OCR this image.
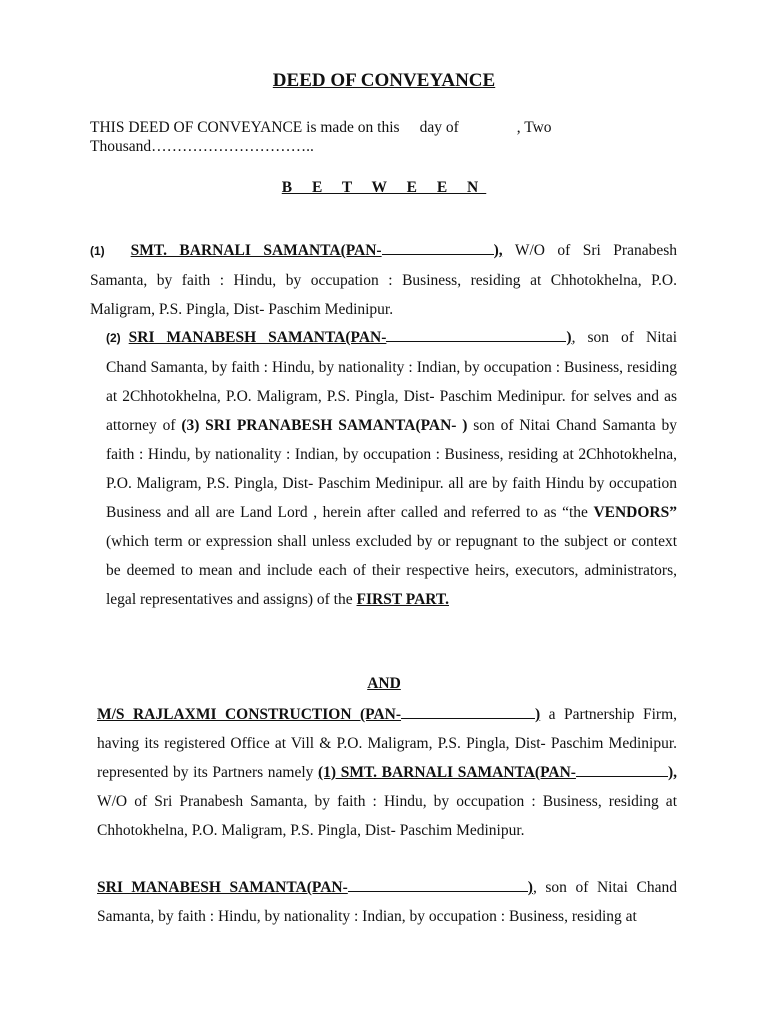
DEED OF CONVEYANCE
THIS DEED OF CONVEYANCE is made on this day of	, Two
Thousand…………………………..
B E T W E E N
(1) SMT. BARNALI SAMANTA(PAN-	), W/O of Sri Pranabesh Samanta, by faith : Hindu, by occupation : Business, residing at Chhotokhelna, P.O. Maligram, P.S. Pingla, Dist- Paschim Medinipur.
(2) SRI MANABESH SAMANTA(PAN-	), son of Nitai Chand Samanta, by faith : Hindu, by nationality : Indian, by occupation : Business, residing at 2Chhotokhelna, P.O. Maligram, P.S. Pingla, Dist- Paschim Medinipur. for selves and as attorney of (3) SRI PRANABESH SAMANTA(PAN- ) son of Nitai Chand Samanta by faith : Hindu, by nationality : Indian, by occupation : Business, residing at 2Chhotokhelna, P.O. Maligram, P.S. Pingla, Dist- Paschim Medinipur. all are by faith Hindu by occupation Business and all are Land Lord , herein after called and referred to as “the VENDORS” (which term or expression shall unless excluded by or repugnant to the subject or context be deemed to mean and include each of their respective heirs, executors, administrators, legal representatives and assigns) of the FIRST PART.
AND
M/S RAJLAXMI CONSTRUCTION (PAN-	) a Partnership Firm, having its registered Office at Vill & P.O. Maligram, P.S. Pingla, Dist- Paschim Medinipur. represented by its Partners namely (1) SMT. BARNALI SAMANTA(PAN-	), W/O of Sri Pranabesh Samanta, by faith : Hindu, by occupation : Business, residing at Chhotokhelna, P.O. Maligram, P.S. Pingla, Dist- Paschim Medinipur.
SRI MANABESH SAMANTA(PAN-	), son of Nitai Chand Samanta, by faith : Hindu, by nationality : Indian, by occupation : Business, residing at
